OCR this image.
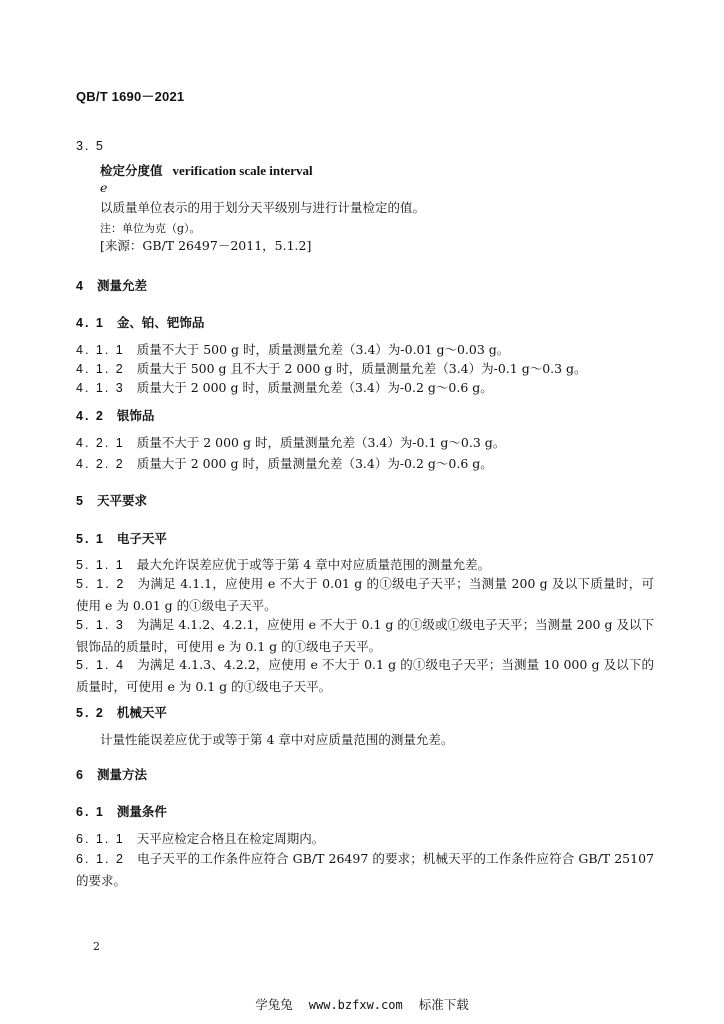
QB/T 1690－2021
3. 5
检定分度值 verification scale interval
e
以质量单位表示的用于划分天平级别与进行计量检定的值。
注：单位为克（g）。
[来源：GB/T 26497－2011，5.1.2]
4 测量允差
4. 1 金、铂、钯饰品
4. 1. 1 质量不大于 500 g 时，质量测量允差（3.4）为-0.01 g～0.03 g。
4. 1. 2 质量大于 500 g 且不大于 2 000 g 时，质量测量允差（3.4）为-0.1 g～0.3 g。
4. 1. 3 质量大于 2 000 g 时，质量测量允差（3.4）为-0.2 g～0.6 g。
4. 2 银饰品
4. 2. 1 质量不大于 2 000 g 时，质量测量允差（3.4）为-0.1 g～0.3 g。
4. 2. 2 质量大于 2 000 g 时，质量测量允差（3.4）为-0.2 g～0.6 g。
5 天平要求
5. 1 电子天平
5. 1. 1 最大允许误差应优于或等于第 4 章中对应质量范围的测量允差。
5. 1. 2 为满足 4.1.1，应使用 e 不大于 0.01 g 的Ⓘ级电子天平；当测量 200 g 及以下质量时，可使用 e 为 0.01 g 的Ⓘ级电子天平。
5. 1. 3 为满足 4.1.2、4.2.1，应使用 e 不大于 0.1 g 的Ⓘ级或Ⓘ级电子天平；当测量 200 g 及以下银饰品的质量时，可使用 e 为 0.1 g 的Ⓘ级电子天平。
5. 1. 4 为满足 4.1.3、4.2.2，应使用 e 不大于 0.1 g 的Ⓘ级电子天平；当测量 10 000 g 及以下的质量时，可使用 e 为 0.1 g 的Ⓘ级电子天平。
5. 2 机械天平
计量性能误差应优于或等于第 4 章中对应质量范围的测量允差。
6 测量方法
6. 1 测量条件
6. 1. 1 天平应检定合格且在检定周期内。
6. 1. 2 电子天平的工作条件应符合 GB/T 26497 的要求；机械天平的工作条件应符合 GB/T 25107 的要求。
2
学兔兔 www.bzfxw.com 标准下载
